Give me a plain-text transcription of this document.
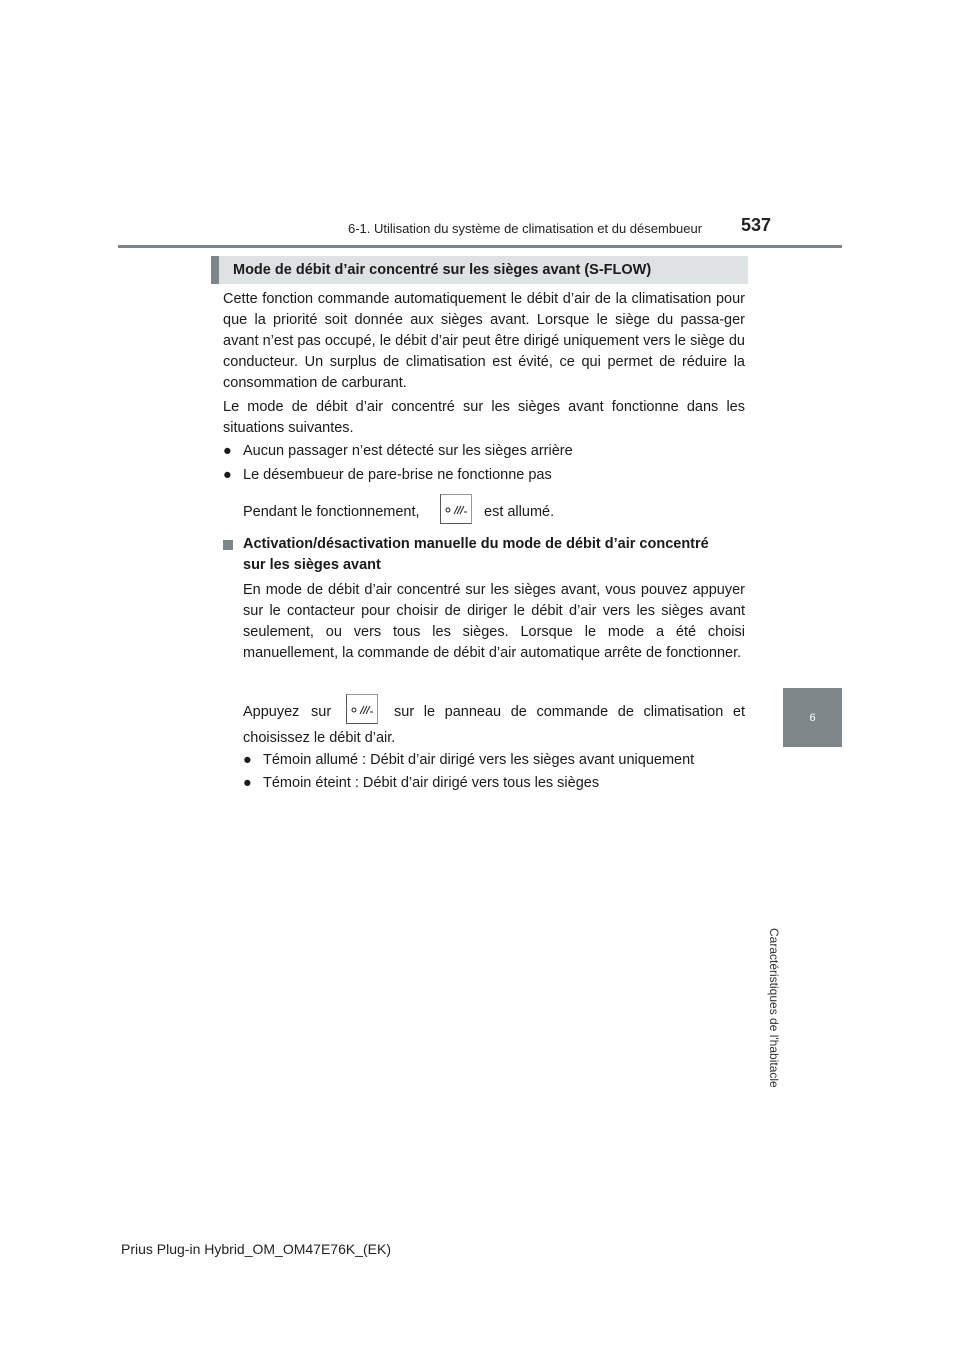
6-1. Utilisation du système de climatisation et du désembueur 537
6
Caractéristiques de l'habitacle
Mode de débit d’air concentré sur les sièges avant (S-FLOW)
Cette fonction commande automatiquement le débit d’air de la climatisation pour que la priorité soit donnée aux sièges avant. Lorsque le siège du passa-ger avant n’est pas occupé, le débit d’air peut être dirigé uniquement vers le siège du conducteur. Un surplus de climatisation est évité, ce qui permet de réduire la consommation de carburant.
Le mode de débit d’air concentré sur les sièges avant fonctionne dans les situations suivantes.
● Aucun passager n’est détecté sur les sièges arrière
● Le désembueur de pare-brise ne fonctionne pas
Pendant le fonctionnement,	est allumé.
Activation/désactivation manuelle du mode de débit d’air concentré
sur les sièges avant
En mode de débit d’air concentré sur les sièges avant, vous pouvez appuyer sur le contacteur pour choisir de diriger le débit d’air vers les sièges avant seulement, ou vers tous les sièges. Lorsque le mode a été choisi manuellement, la commande de débit d’air automatique arrête de fonctionner.
Appuyez sur	sur le panneau de commande de climatisation et
choisissez le débit d’air.
● Témoin allumé : Débit d’air dirigé vers les sièges avant uniquement
● Témoin éteint : Débit d’air dirigé vers tous les sièges
Prius Plug-in Hybrid_OM_OM47E76K_(EK)
